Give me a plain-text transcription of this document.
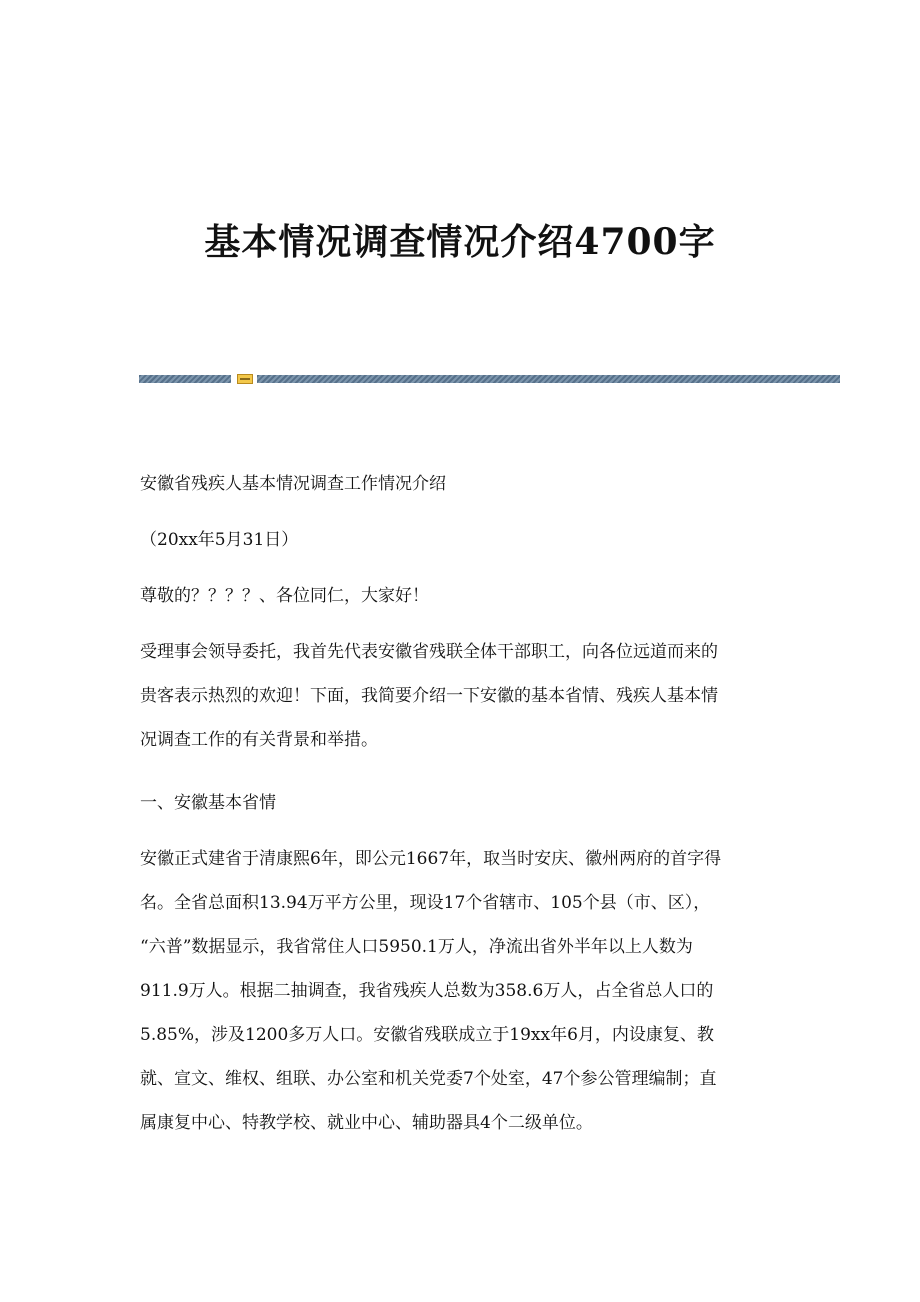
基本情况调查情况介绍4700字

安徽省残疾人基本情况调查工作情况介绍

（20xx年5月31日）

尊敬的？？？？、各位同仁，大家好！

受理事会领导委托，我首先代表安徽省残联全体干部职工，向各位远道而来的
贵客表示热烈的欢迎！下面，我简要介绍一下安徽的基本省情、残疾人基本情
况调查工作的有关背景和举措。

一、安徽基本省情

安徽正式建省于清康熙6年，即公元1667年，取当时安庆、徽州两府的首字得
名。全省总面积13.94万平方公里，现设17个省辖市、105个县（市、区），
“六普”数据显示，我省常住人口5950.1万人，净流出省外半年以上人数为
911.9万人。根据二抽调查，我省残疾人总数为358.6万人，占全省总人口的
5.85%，涉及1200多万人口。安徽省残联成立于19xx年6月，内设康复、教
就、宣文、维权、组联、办公室和机关党委7个处室，47个参公管理编制；直
属康复中心、特教学校、就业中心、辅助器具4个二级单位。
